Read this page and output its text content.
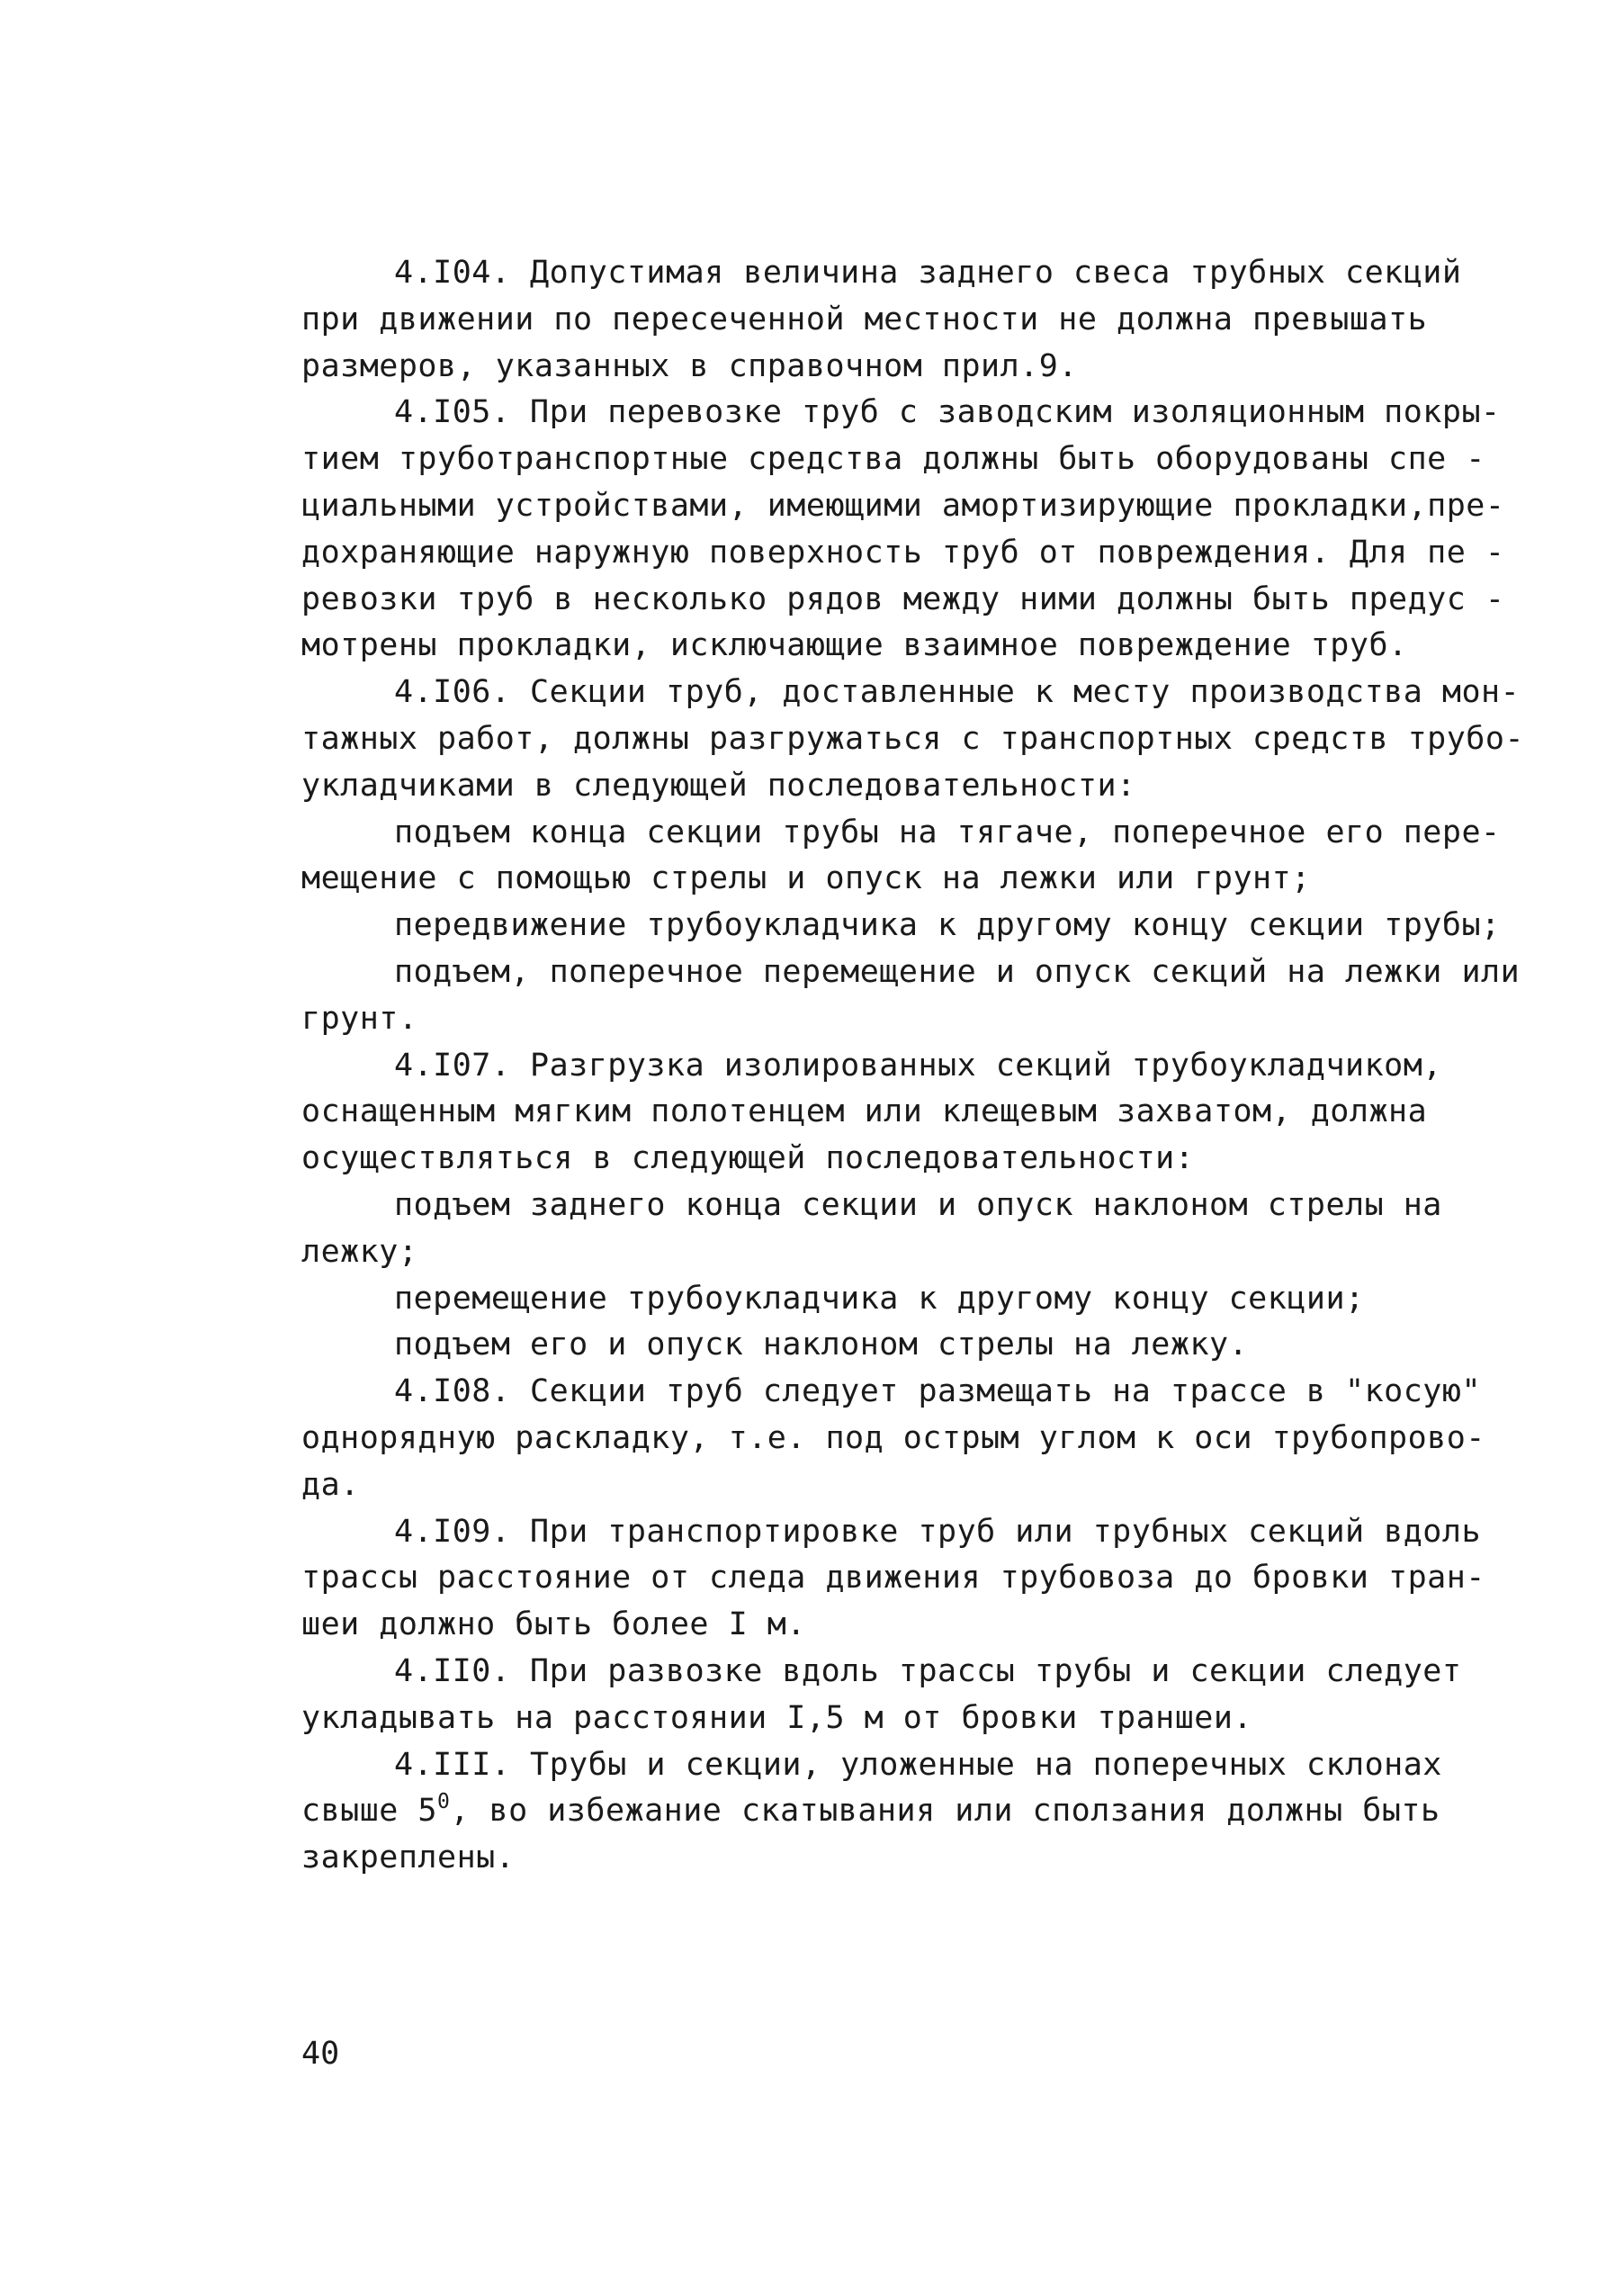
4.I04. Допустимая величина заднего свеса трубных секций
при движении по пересеченной местности не должна превышать
размеров, указанных в справочном прил.9.
4.I05. При перевозке труб с заводским изоляционным покры-
тием труботранспортные средства должны быть оборудованы спе -
циальными устройствами, имеющими амортизирующие прокладки,пре-
дохраняющие наружную поверхность труб от повреждения. Для пе -
ревозки труб в несколько рядов между ними должны быть предус -
мотрены прокладки, исключающие взаимное повреждение труб.
4.I06. Секции труб, доставленные к месту производства мон-
тажных работ, должны разгружаться с транспортных средств трубо-
укладчиками в следующей последовательности:
подъем конца секции трубы на тягаче, поперечное его пере-
мещение с помощью стрелы и опуск на лежки или грунт;
передвижение трубоукладчика к другому концу секции трубы;
подъем, поперечное перемещение и опуск секций на лежки или
грунт.
4.I07. Разгрузка изолированных секций трубоукладчиком,
оснащенным мягким полотенцем или клещевым захватом, должна
осуществляться в следующей последовательности:
подъем заднего конца секции и опуск наклоном стрелы на
лежку;
перемещение трубоукладчика к другому концу секции;
подъем его и опуск наклоном стрелы на лежку.
4.I08. Секции труб следует размещать на трассе в "косую"
однорядную раскладку, т.е. под острым углом к оси трубопрово-
да.
4.I09. При транспортировке труб или трубных секций вдоль
трассы расстояние от следа движения трубовоза до бровки тран-
шеи должно быть более I м.
4.II0. При развозке вдоль трассы трубы и секции следует
укладывать на расстоянии I,5 м от бровки траншеи.
4.III. Трубы и секции, уложенные на поперечных склонах
свыше $5^0$, во избежание скатывания или сползания должны быть
закреплены.
40
